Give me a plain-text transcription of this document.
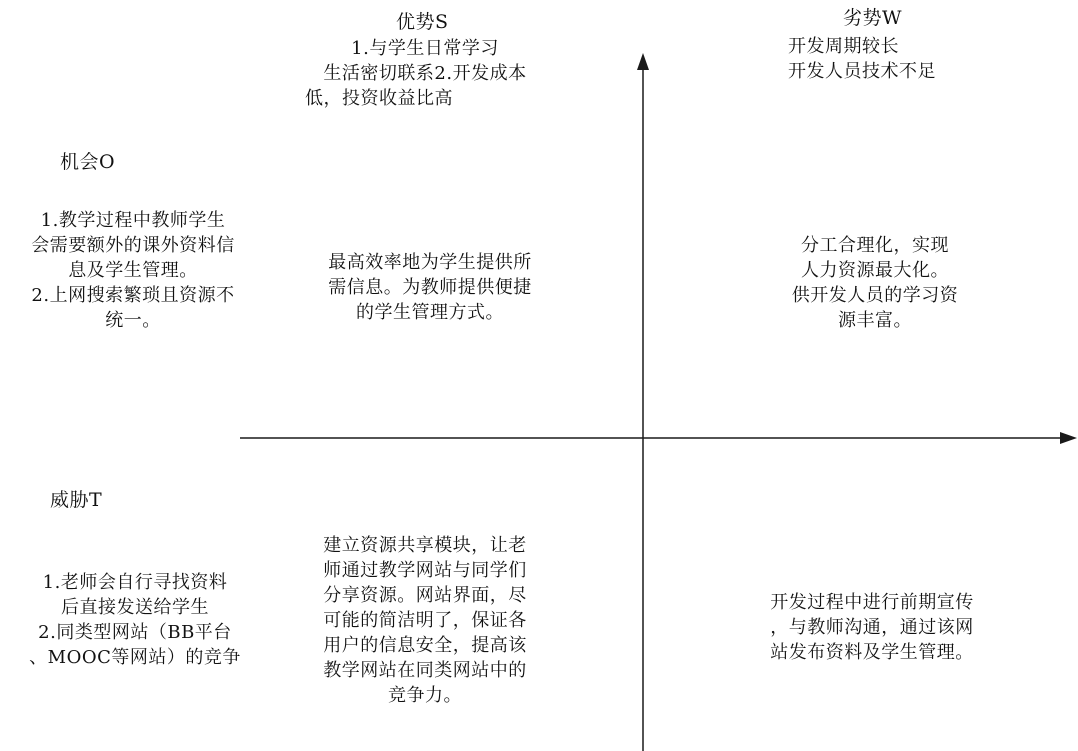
优势S	劣势W
机会O
威胁T
1.与学生日常学习
生活密切联系2.开发成本
低，投资收益比高
开发周期较长
开发人员技术不足
1.教学过程中教师学生
会需要额外的课外资料信
息及学生管理。
2.上网搜索繁琐且资源不
统一。
最高效率地为学生提供所
需信息。为教师提供便捷
的学生管理方式。
分工合理化，实现
人力资源最大化。
供开发人员的学习资
源丰富。
1.老师会自行寻找资料
后直接发送给学生
2.同类型网站（BB平台
、MOOC等网站）的竞争
建立资源共享模块，让老
师通过教学网站与同学们
分享资源。网站界面，尽
可能的简洁明了，保证各
用户的信息安全，提高该
教学网站在同类网站中的
竞争力。
开发过程中进行前期宣传
，与教师沟通，通过该网
站发布资料及学生管理。
